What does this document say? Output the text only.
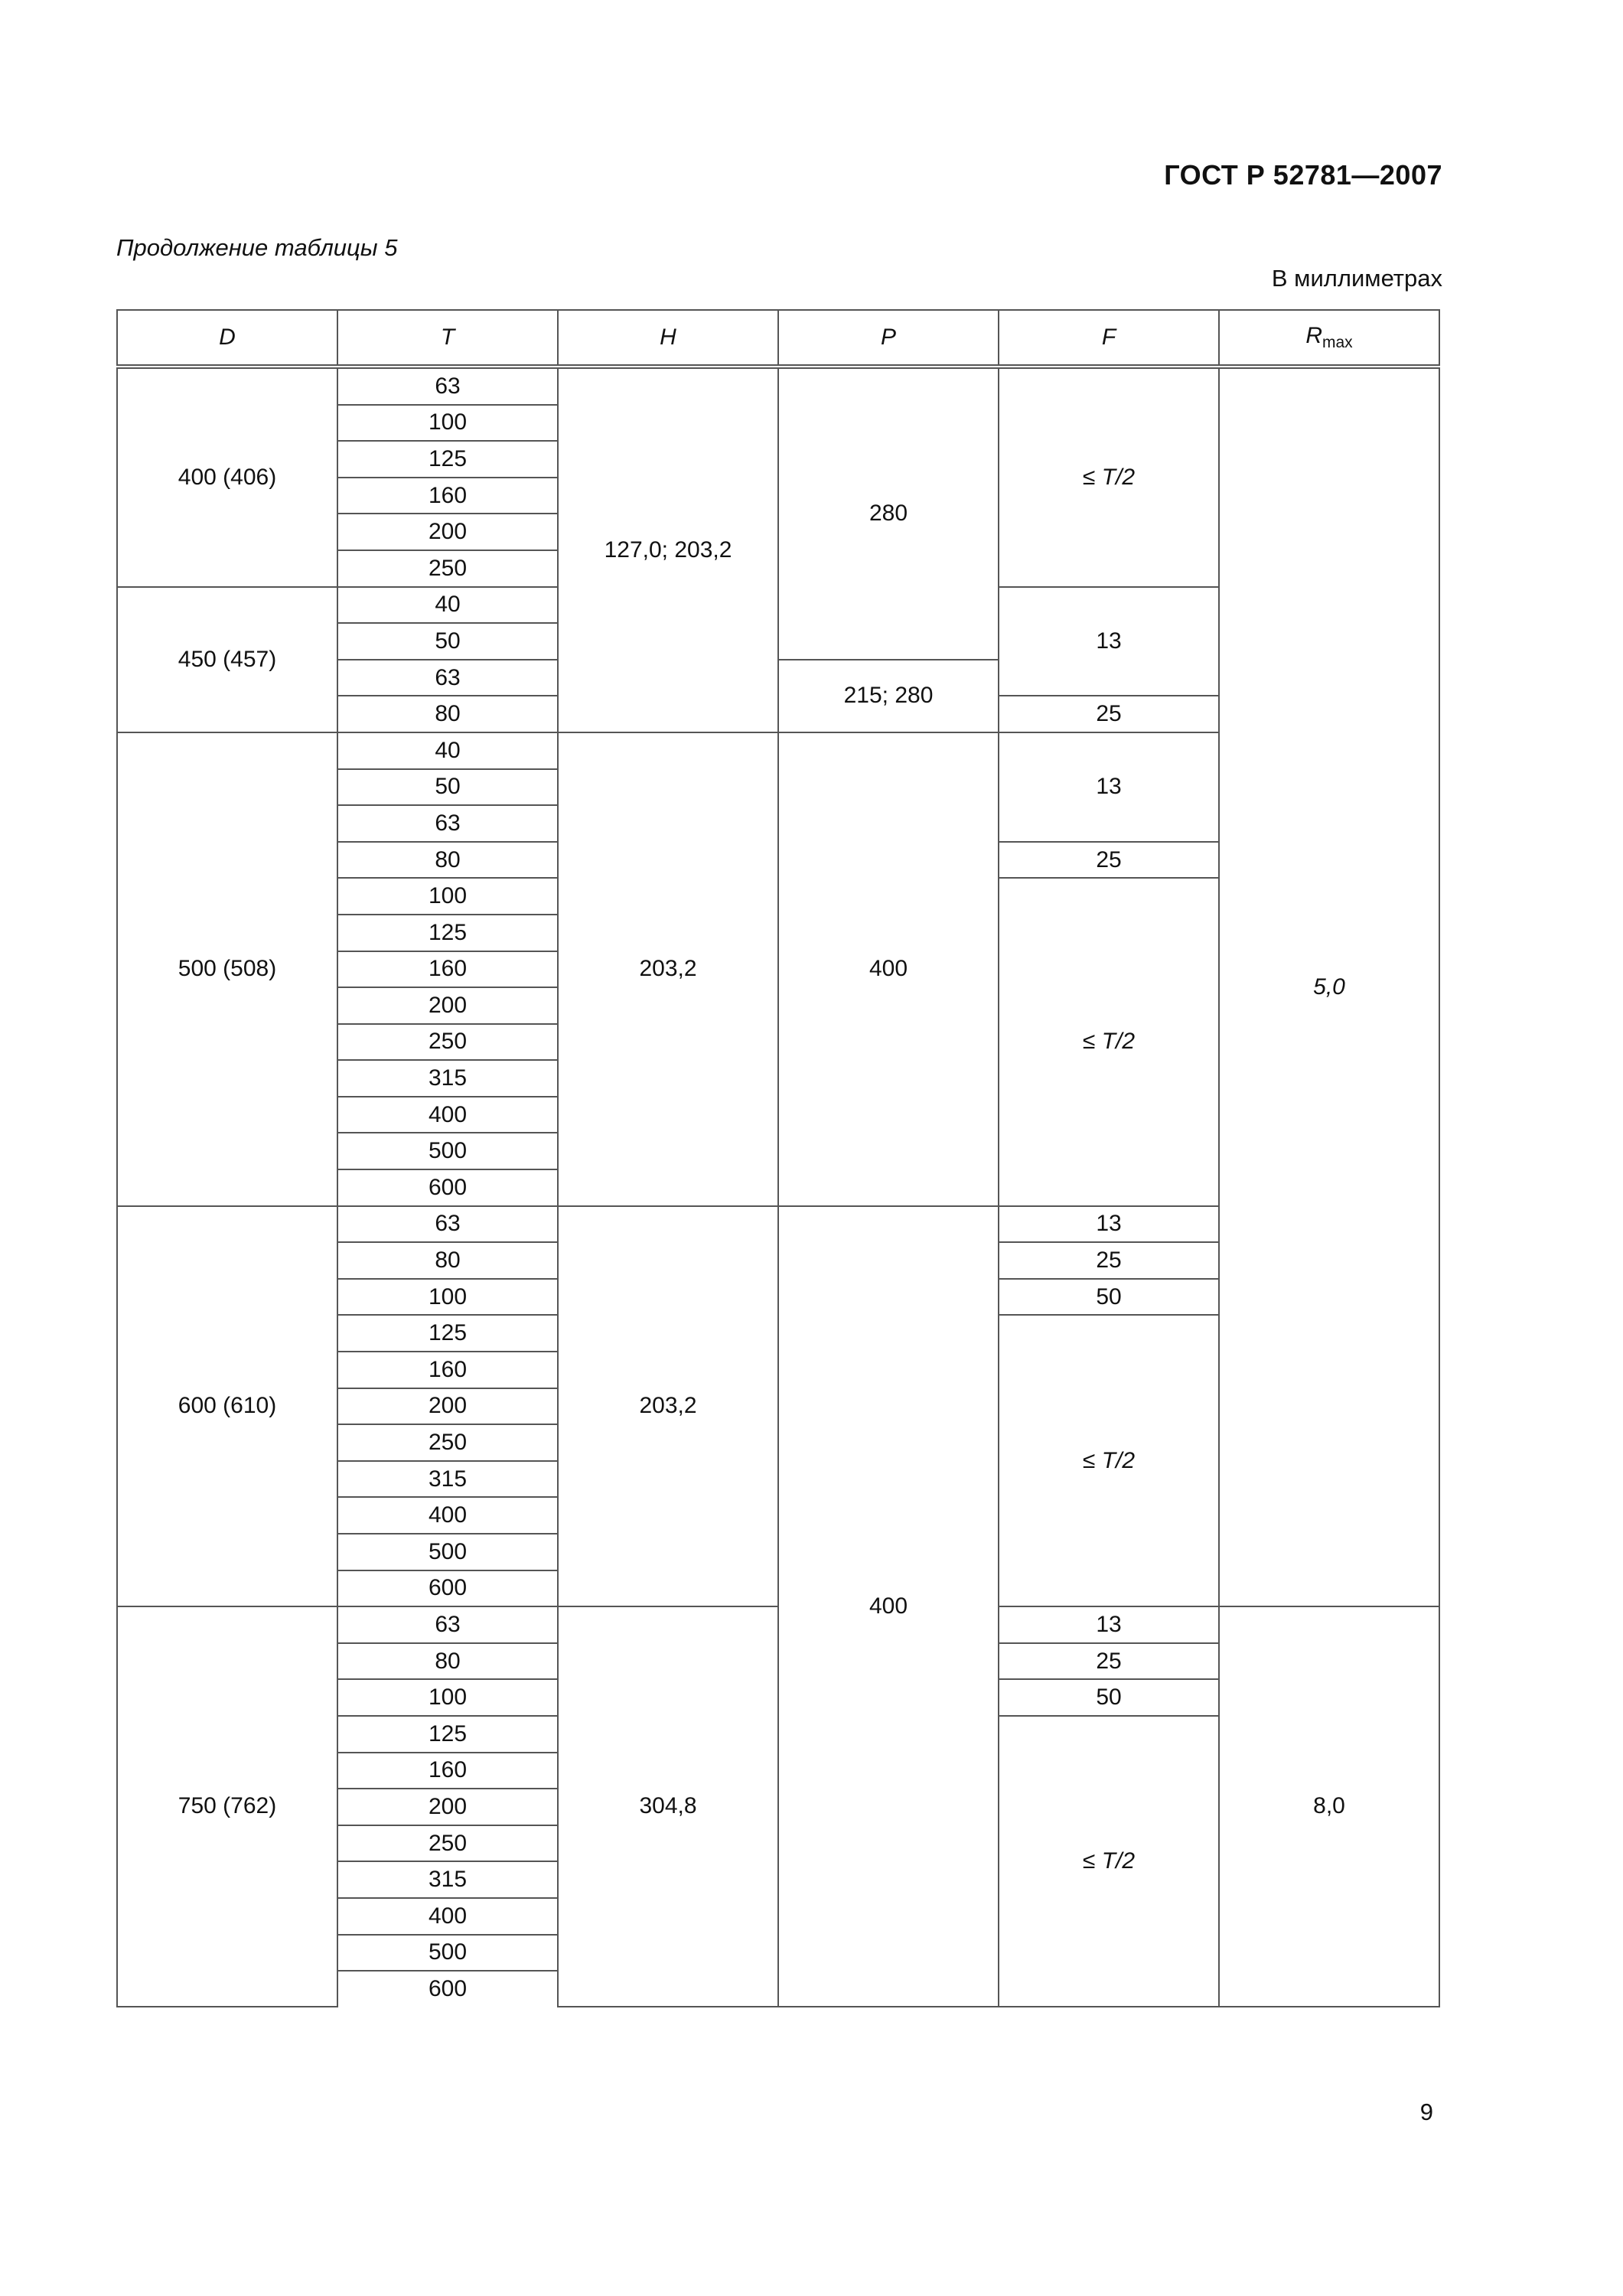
ГОСТ Р 52781—2007
Продолжение таблицы 5
В миллиметрах
D	T	H	P	F	$R_{max}$
400 (406)	63	127,0; 203,2	280	≤ T/2	5,0
	100				
	125				
	160				
	200				
	250				
450 (457)	40			13	
	50				
	63		215; 280		
	80			25	
500 (508)	40	203,2	400	13	
	50				
	63				
	80			25	
	100			≤ T/2	
	125				
	160				
	200				
	250				
	315				
	400				
	500				
	600				
600 (610)	63	203,2	400	13	
	80			25	
	100			50	
	125			≤ T/2	
	160				
	200				
	250				
	315				
	400				
	500				
	600				
750 (762)	63	304,8		13	8,0
	80			25	
	100			50	
	125			≤ T/2	
	160				
	200				
	250				
	315				
	400				
	500				
	600				
9
